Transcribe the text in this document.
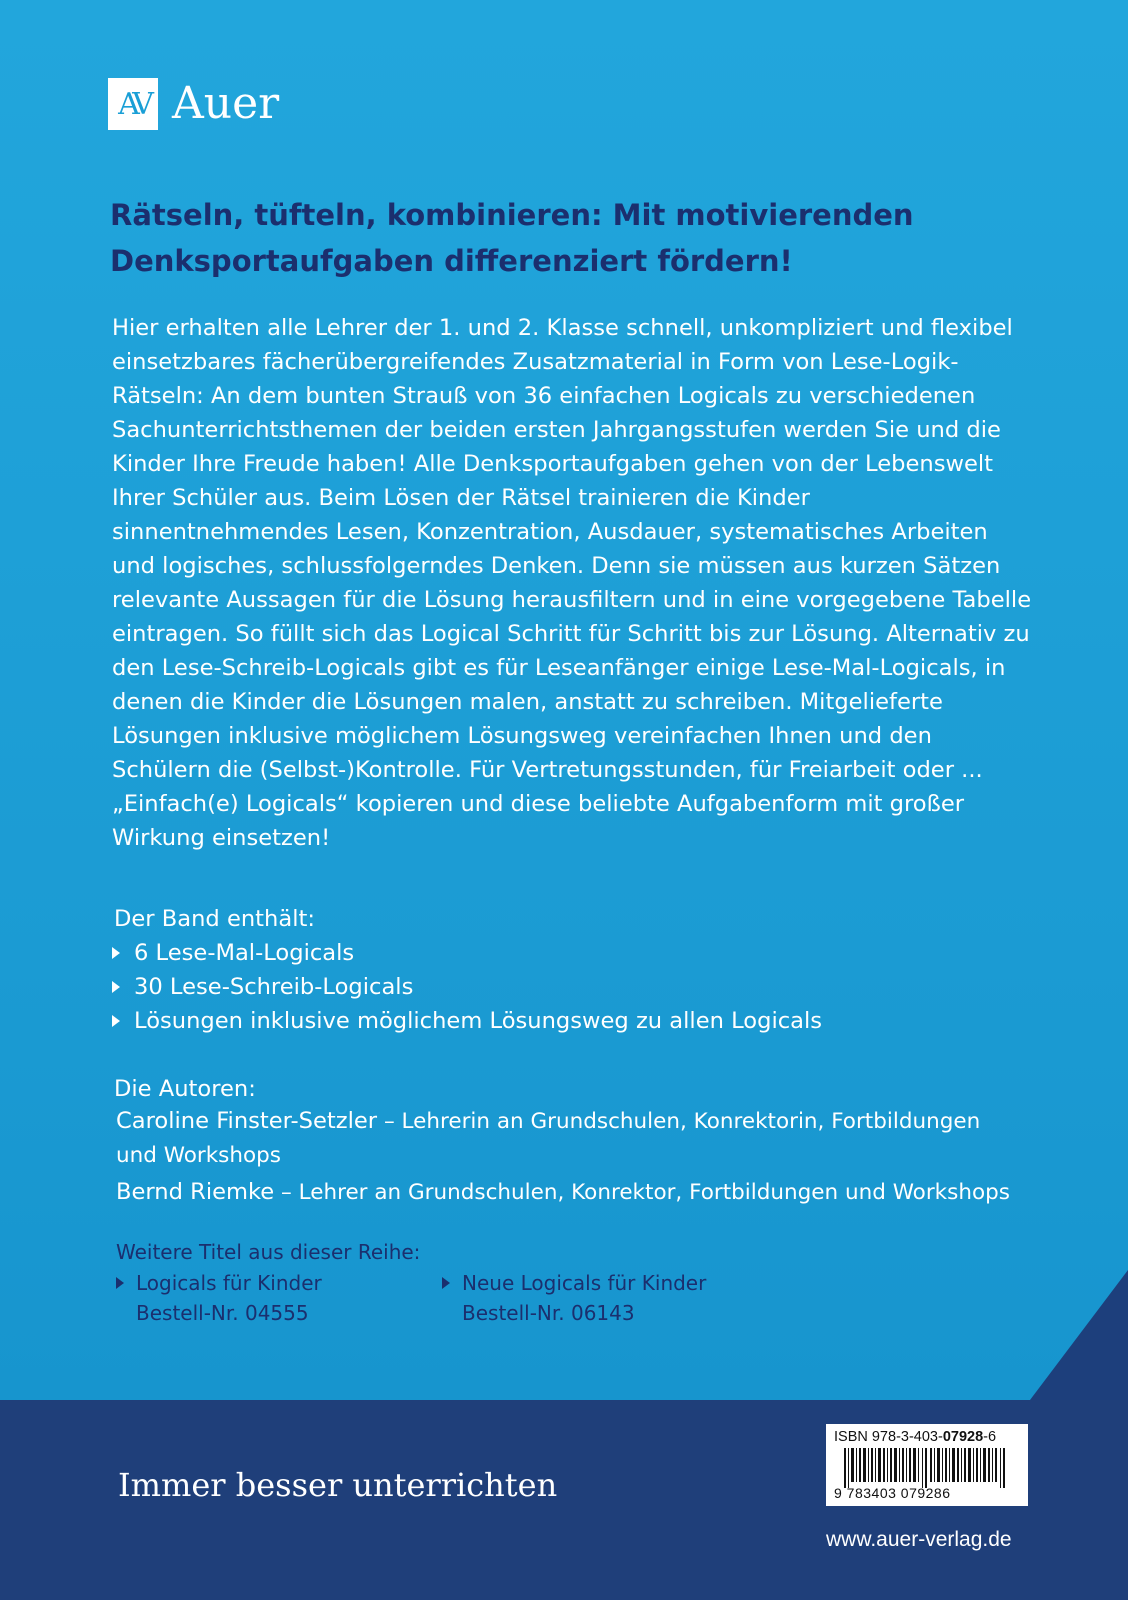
AV Auer
Rätseln, tüfteln, kombinieren: Mit motivierenden
Denksportaufgaben differenziert fördern!

Hier erhalten alle Lehrer der 1. und 2. Klasse schnell, unkompliziert und flexibel einsetzbares fächerübergreifendes Zusatzmaterial in Form von Lese-Logik-Rätseln: An dem bunten Strauß von 36 einfachen Logicals zu verschiedenen Sachunterrichtsthemen der beiden ersten Jahrgangsstufen werden Sie und die Kinder Ihre Freude haben! Alle Denksportaufgaben gehen von der Lebenswelt Ihrer Schüler aus. Beim Lösen der Rätsel trainieren die Kinder sinnentnehmendes Lesen, Konzentration, Ausdauer, systematisches Arbeiten und logisches, schlussfolgerndes Denken. Denn sie müssen aus kurzen Sätzen relevante Aussagen für die Lösung herausfiltern und in eine vorgegebene Tabelle eintragen. So füllt sich das Logical Schritt für Schritt bis zur Lösung. Alternativ zu den Lese-Schreib-Logicals gibt es für Leseanfänger einige Lese-Mal-Logicals, in denen die Kinder die Lösungen malen, anstatt zu schreiben. Mitgelieferte Lösungen inklusive möglichem Lösungsweg vereinfachen Ihnen und den Schülern die (Selbst-)Kontrolle. Für Vertretungsstunden, für Freiarbeit oder ... „Einfach(e) Logicals“ kopieren und diese beliebte Aufgabenform mit großer Wirkung einsetzen!

Der Band enthält:

6 Lese-Mal-Logicals
30 Lese-Schreib-Logicals
Lösungen inklusive möglichem Lösungsweg zu allen Logicals

Die Autoren:

Caroline Finster-Setzler – Lehrerin an Grundschulen, Konrektorin, Fortbildungen und Workshops

Bernd Riemke – Lehrer an Grundschulen, Konrektor, Fortbildungen und Workshops

Weitere Titel aus dieser Reihe:

Logicals für Kinder
Bestell-Nr. 04555
Neue Logicals für Kinder
Bestell-Nr. 06143

Immer besser unterrichten

ISBN 978-3-403-07928-6
9 783403 079286

www.auer-verlag.de
